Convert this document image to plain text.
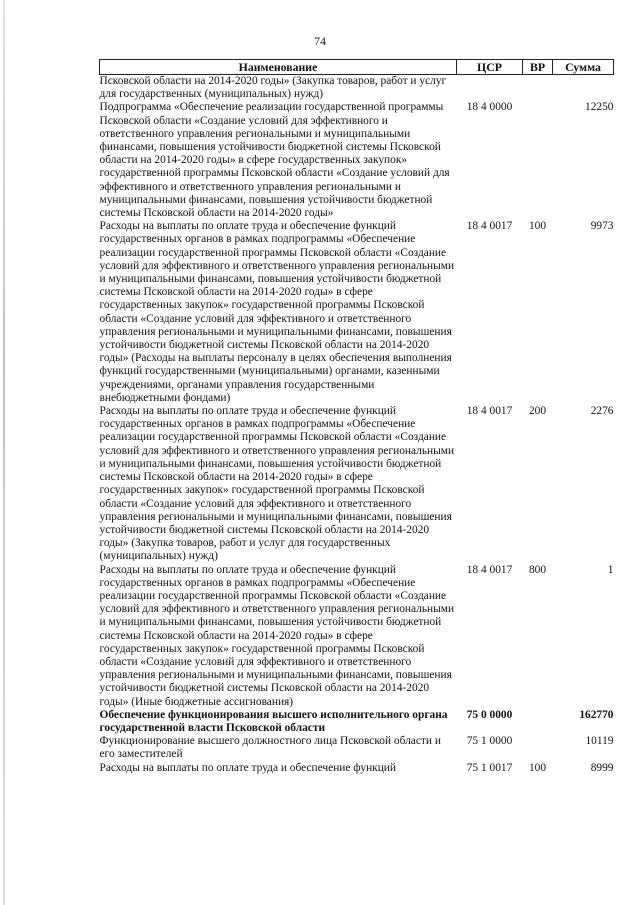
74
Наименование	ЦСР	ВР	Сумма
Псковской области на 2014-2020 годы» (Закупка товаров, работ и услуг для государственных (муниципальных) нужд)			
Подпрограмма «Обеспечение реализации государственной программы Псковской области «Создание условий для эффективного и ответственного управления региональными и муниципальными финансами, повышения устойчивости бюджетной системы Псковской области на 2014-2020 годы» в сфере государственных закупок» государственной программы Псковской области «Создание условий для эффективного и ответственного управления региональными и муниципальными финансами, повышения устойчивости бюджетной системы Псковской области на 2014-2020 годы»	18 4 0000		12250
Расходы на выплаты по оплате труда и обеспечение функций государственных органов в рамках подпрограммы «Обеспечение реализации государственной программы Псковской области «Создание условий для эффективного и ответственного управления региональными и муниципальными финансами, повышения устойчивости бюджетной системы Псковской области на 2014-2020 годы» в сфере государственных закупок» государственной программы Псковской области «Создание условий для эффективного и ответственного управления региональными и муниципальными финансами, повышения устойчивости бюджетной системы Псковской области на 2014-2020 годы» (Расходы на выплаты персоналу в целях обеспечения выполнения функций государственными (муниципальными) органами, казенными учреждениями, органами управления государственными внебюджетными фондами)	18 4 0017	100	9973
Расходы на выплаты по оплате труда и обеспечение функций государственных органов в рамках подпрограммы «Обеспечение реализации государственной программы Псковской области «Создание условий для эффективного и ответственного управления региональными и муниципальными финансами, повышения устойчивости бюджетной системы Псковской области на 2014-2020 годы» в сфере государственных закупок» государственной программы Псковской области «Создание условий для эффективного и ответственного управления региональными и муниципальными финансами, повышения устойчивости бюджетной системы Псковской области на 2014-2020 годы» (Закупка товаров, работ и услуг для государственных (муниципальных) нужд)	18 4 0017	200	2276
Расходы на выплаты по оплате труда и обеспечение функций государственных органов в рамках подпрограммы «Обеспечение реализации государственной программы Псковской области «Создание условий для эффективного и ответственного управления региональными и муниципальными финансами, повышения устойчивости бюджетной системы Псковской области на 2014-2020 годы» в сфере государственных закупок» государственной программы Псковской области «Создание условий для эффективного и ответственного управления региональными и муниципальными финансами, повышения устойчивости бюджетной системы Псковской области на 2014-2020 годы» (Иные бюджетные ассигнования)	18 4 0017	800	1
Обеспечение функционирования высшего исполнительного органа государственной власти Псковской области	75 0 0000		162770
Функционирование высшего должностного лица Псковской области и его заместителей	75 1 0000		10119
Расходы на выплаты по оплате труда и обеспечение функций	75 1 0017	100	8999
